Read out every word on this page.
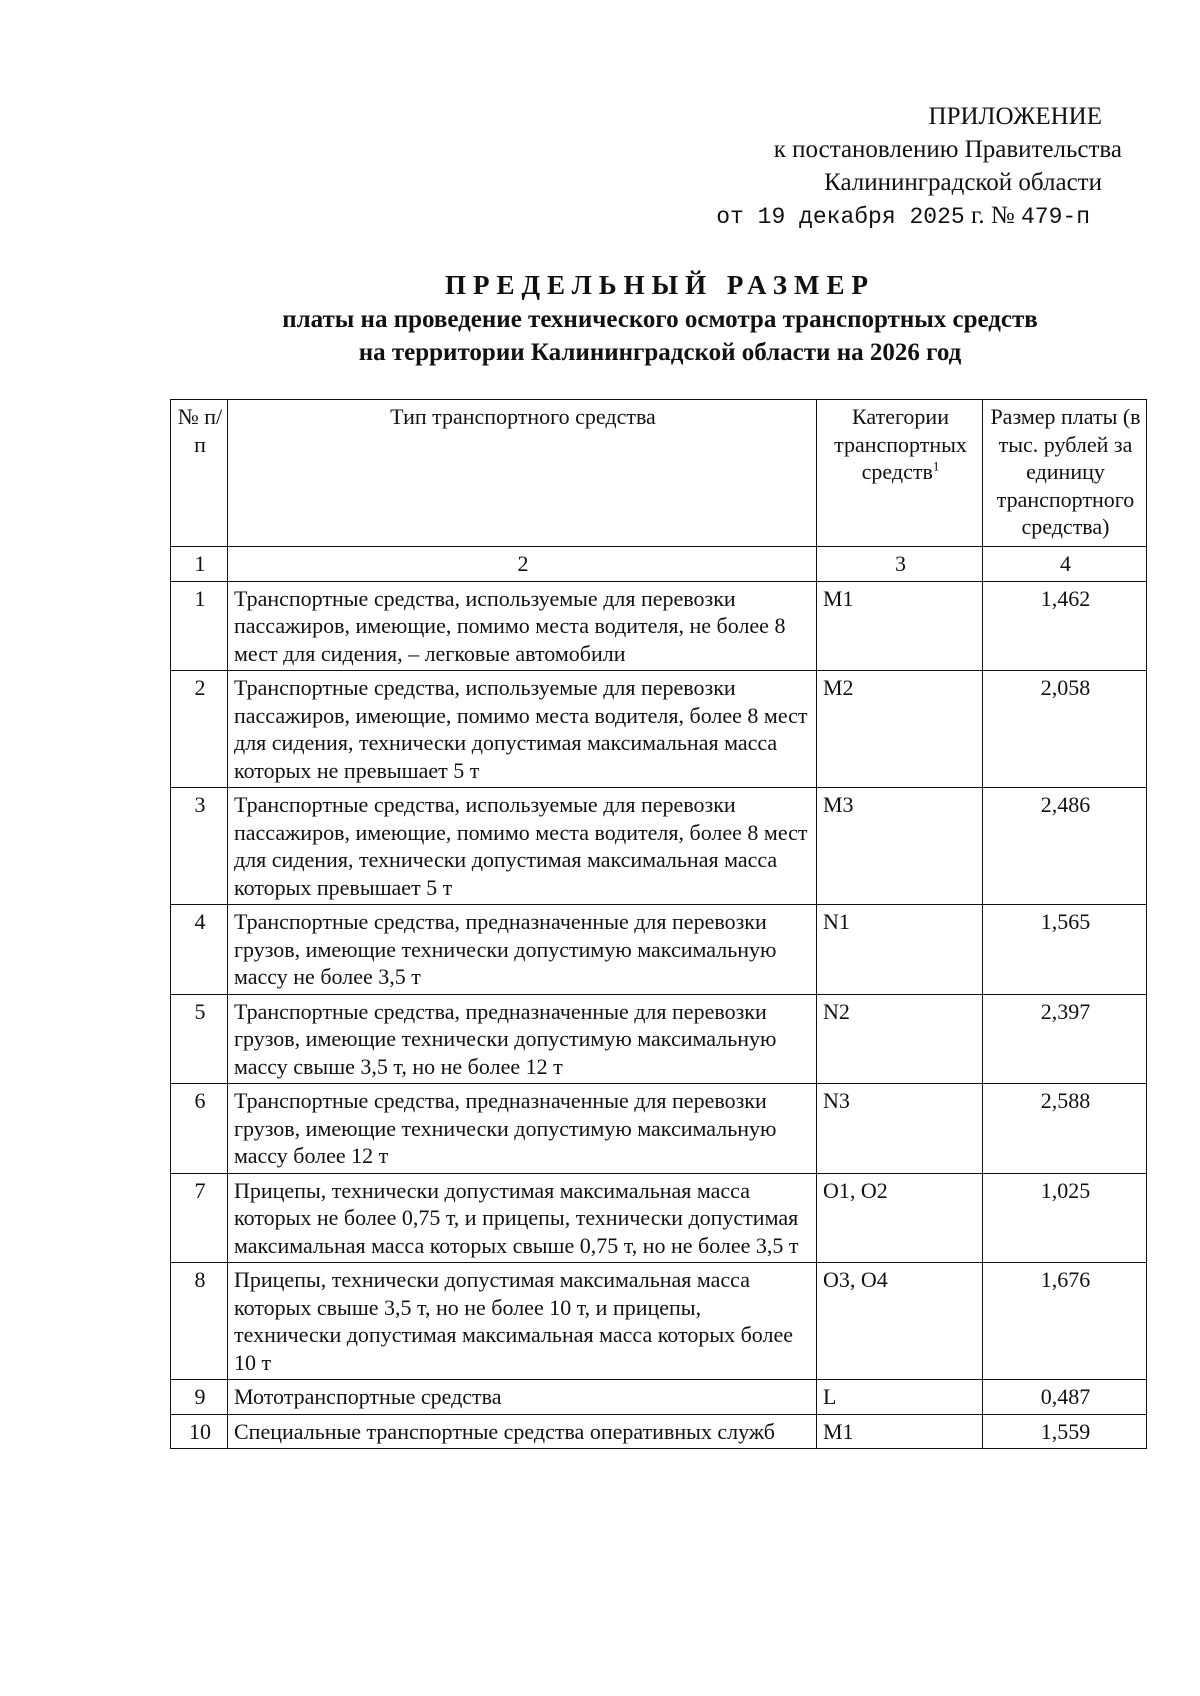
ПРИЛОЖЕНИЕ
к постановлению Правительства
Калининградской области
от 19 декабря 2025 г. № 479-п
ПРЕДЕЛЬНЫЙ РАЗМЕР
платы на проведение технического осмотра транспортных средств
на территории Калининградской области на 2026 год
№ п/п	Тип транспортного средства	Категории транспортных средств$^1$	Размер платы (в тыс. рублей за единицу транспортного средства)
1	2	3	4
1	Транспортные средства, используемые для перевозки пассажиров, имеющие, помимо места водителя, не более 8 мест для сидения, – легковые автомобили	M1	1,462
2	Транспортные средства, используемые для перевозки пассажиров, имеющие, помимо места водителя, более 8 мест для сидения, технически допустимая максимальная масса которых не превышает 5 т	M2	2,058
3	Транспортные средства, используемые для перевозки пассажиров, имеющие, помимо места водителя, более 8 мест для сидения, технически допустимая максимальная масса которых превышает 5 т	M3	2,486
4	Транспортные средства, предназначенные для перевозки грузов, имеющие технически допустимую максимальную массу не более 3,5 т	N1	1,565
5	Транспортные средства, предназначенные для перевозки грузов, имеющие технически допустимую максимальную массу свыше 3,5 т, но не более 12 т	N2	2,397
6	Транспортные средства, предназначенные для перевозки грузов, имеющие технически допустимую максимальную массу более 12 т	N3	2,588
7	Прицепы, технически допустимая максимальная масса которых не более 0,75 т, и прицепы, технически допустимая максимальная масса которых свыше 0,75 т, но не более 3,5 т	O1, O2	1,025
8	Прицепы, технически допустимая максимальная масса которых свыше 3,5 т, но не более 10 т, и прицепы, технически допустимая максимальная масса которых более 10 т	O3, O4	1,676
9	Мототранспортные средства	L	0,487
10	Специальные транспортные средства оперативных служб	M1	1,559
